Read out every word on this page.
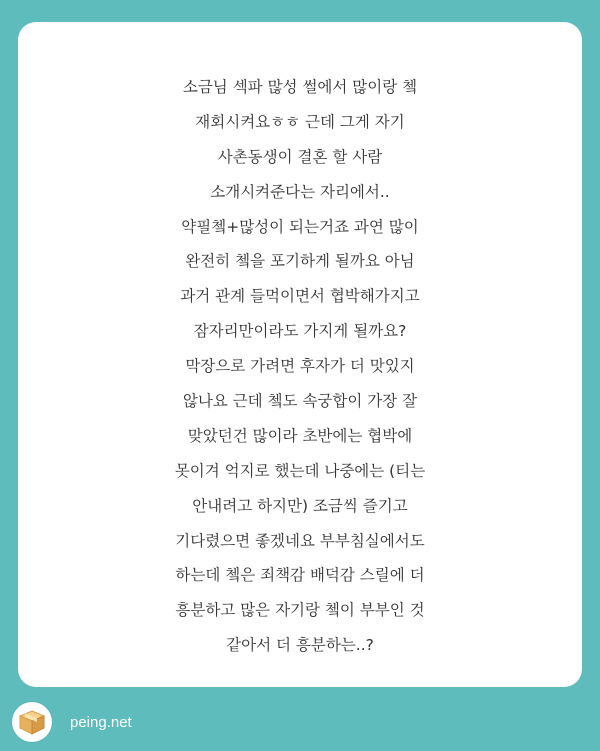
소금님 섹파 많성 썰에서 많이랑 쳌
재회시켜요ㅎㅎ 근데 그게 자기
사촌동생이 결혼 할 사람
소개시켜준다는 자리에서..
약필쳌+많성이 되는거죠 과연 많이
완전히 쳌을 포기하게 될까요 아님
과거 관계 들먹이면서 협박해가지고
잠자리만이라도 가지게 될까요?
막장으로 가려면 후자가 더 맛있지
않나요 근데 쳌도 속궁합이 가장 잘
맞았던건 많이라 초반에는 협박에
못이겨 억지로 했는데 나중에는 (티는
안내려고 하지만) 조금씩 즐기고
기다렸으면 좋겠네요 부부침실에서도
하는데 쳌은 죄책감 배덕감 스릴에 더
흥분하고 많은 자기랑 쳌이 부부인 것
같아서 더 흥분하는..?
peing.net
